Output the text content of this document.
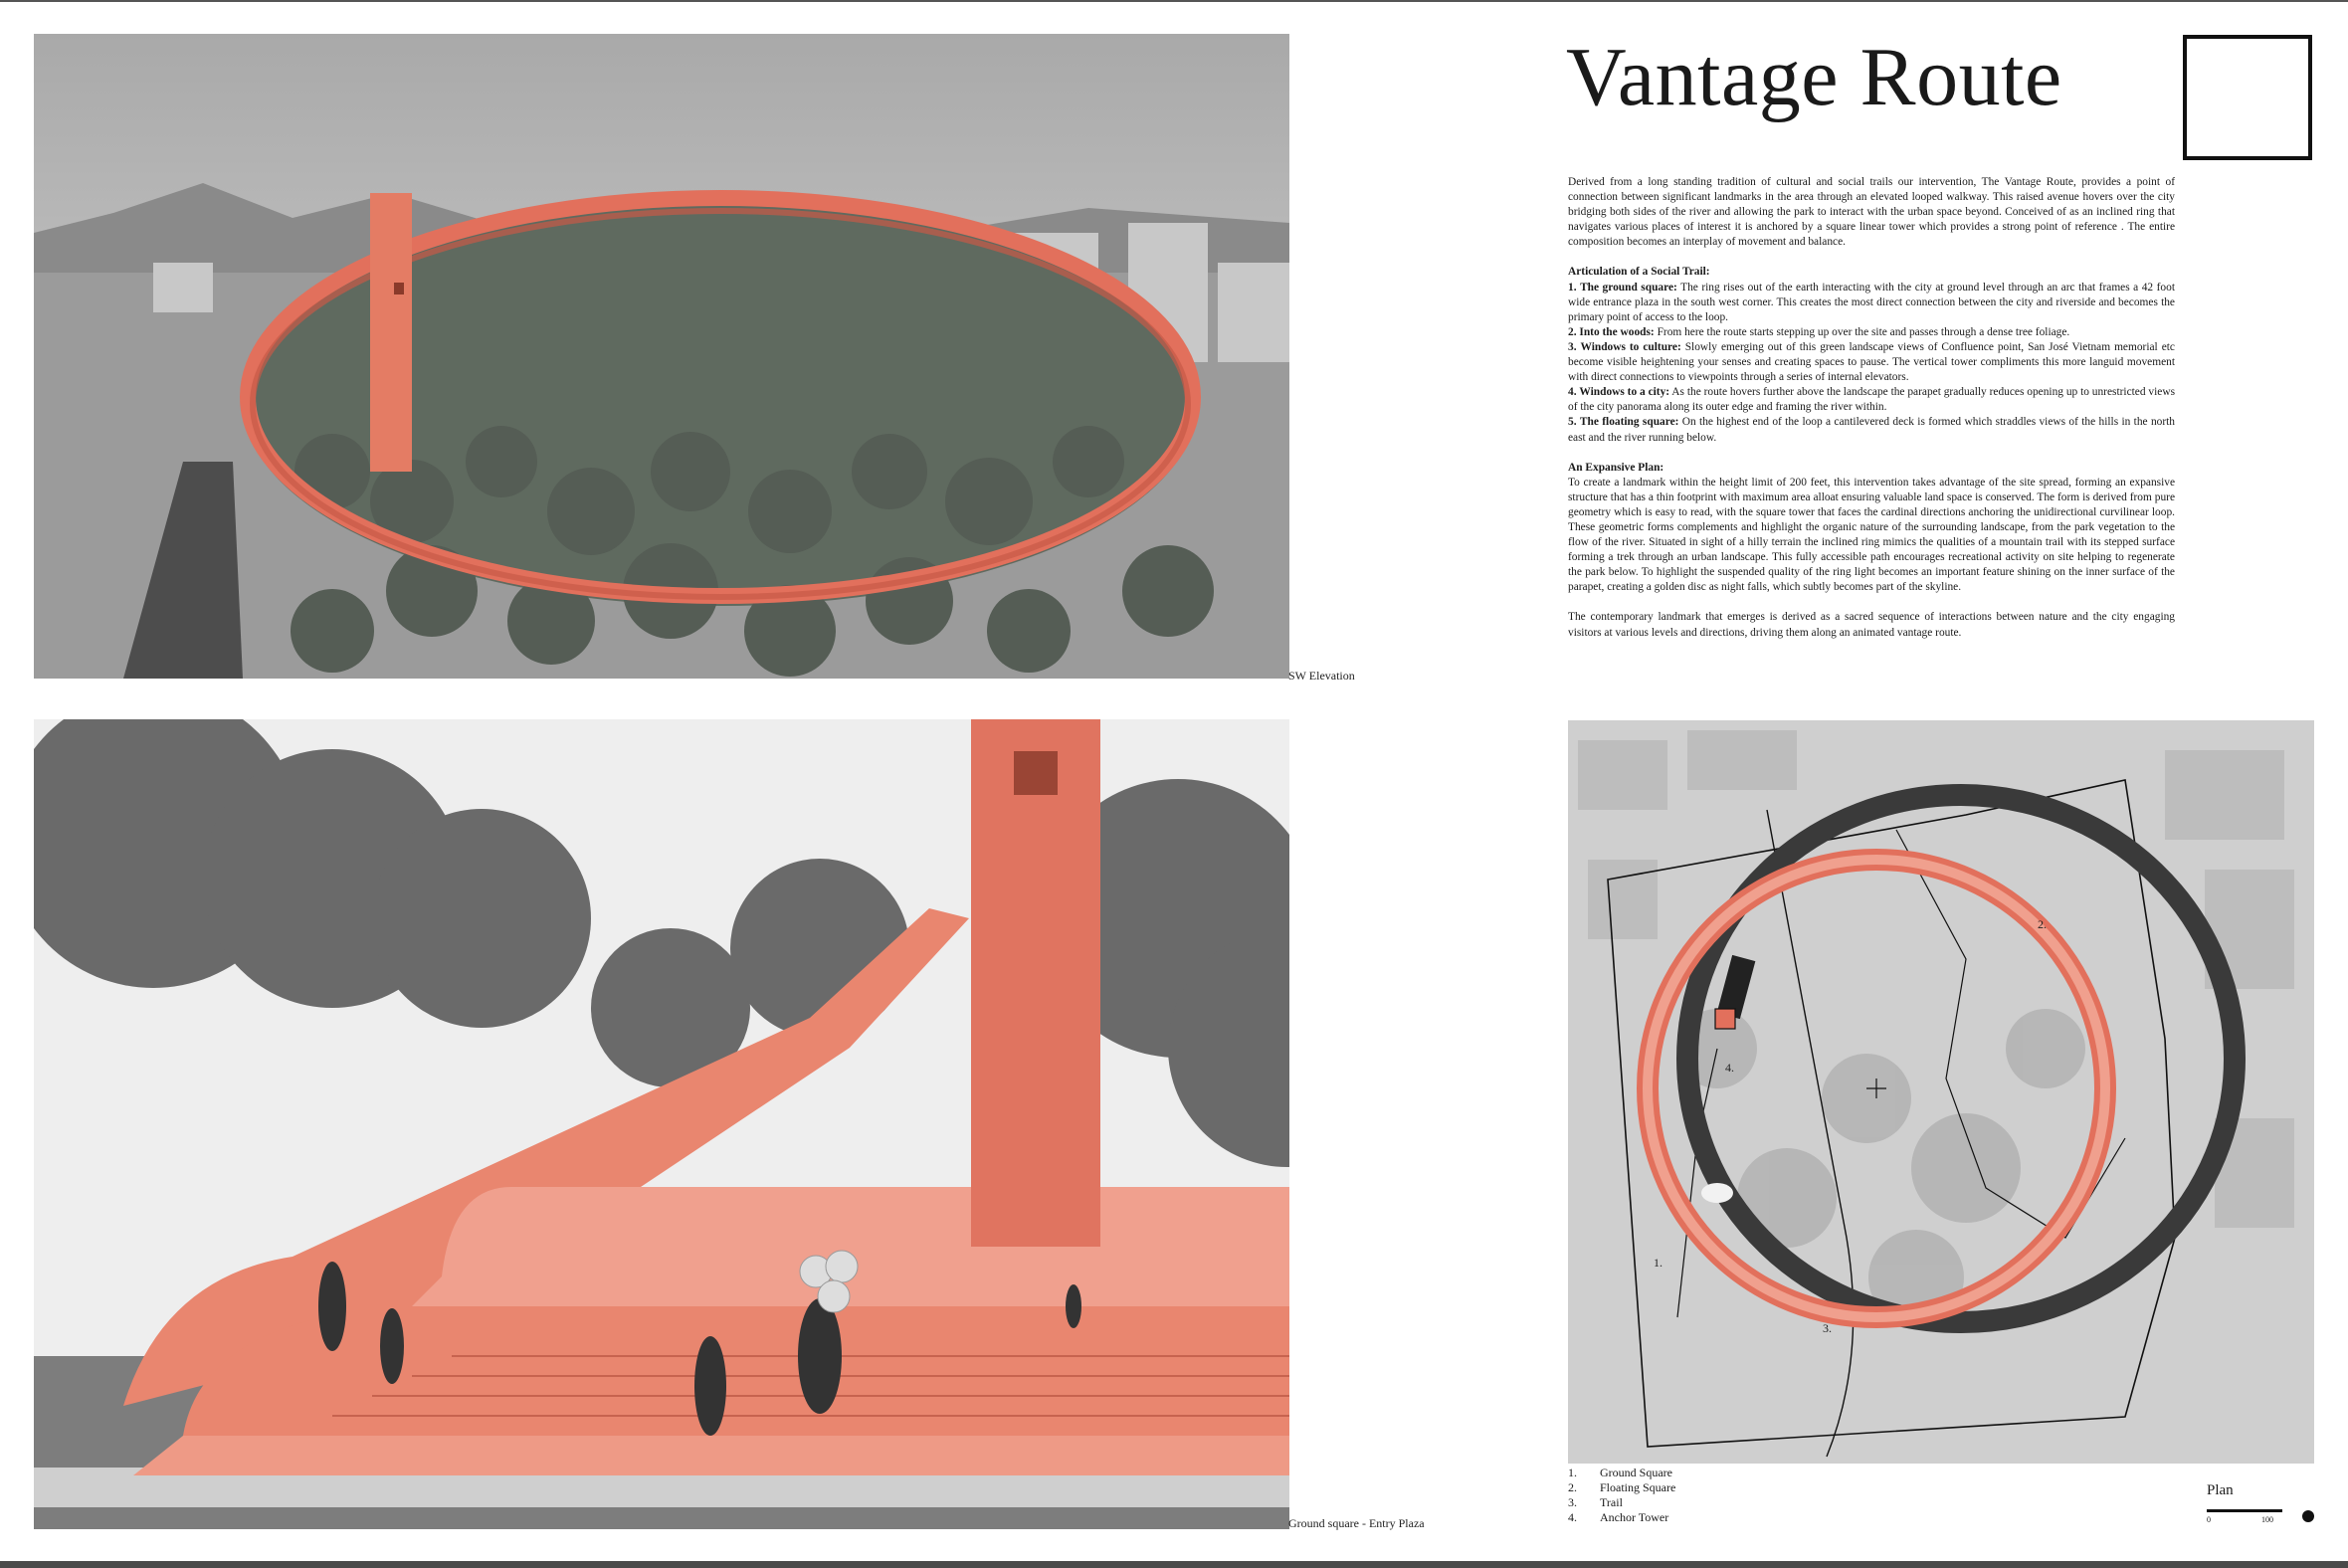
SW Elevation
Ground square - Entry Plaza
Vantage Route

Derived from a long standing tradition of cultural and social trails our intervention, The Vantage Route, provides a point of connection between significant landmarks in the area through an elevated looped walkway. This raised avenue hovers over the city bridging both sides of the river and allowing the park to interact with the urban space beyond. Conceived of as an inclined ring that navigates various places of interest it is anchored by a square linear tower which provides a strong point of reference . The entire composition becomes an interplay of movement and balance.

Articulation of a Social Trail:
1. The ground square: The ring rises out of the earth interacting with the city at ground level through an arc that frames a 42 foot wide entrance plaza in the south west corner. This creates the most direct connection between the city and riverside and becomes the primary point of access to the loop.
2. Into the woods: From here the route starts stepping up over the site and passes through a dense tree foliage.
3. Windows to culture: Slowly emerging out of this green landscape views of Confluence point, San José Vietnam memorial etc become visible heightening your senses and creating spaces to pause. The vertical tower compliments this more languid movement with direct connections to viewpoints through a series of internal elevators.
4. Windows to a city: As the route hovers further above the landscape the parapet gradually reduces opening up to unrestricted views of the city panorama along its outer edge and framing the river within.
5. The floating square: On the highest end of the loop a cantilevered deck is formed which straddles views of the hills in the north east and the river running below.

An Expansive Plan:
To create a landmark within the height limit of 200 feet, this intervention takes advantage of the site spread, forming an expansive structure that has a thin footprint with maximum area alloat ensuring valuable land space is conserved. The form is derived from pure geometry which is easy to read, with the square tower that faces the cardinal directions anchoring the unidirectional curvilinear loop. These geometric forms complements and highlight the organic nature of the surrounding landscape, from the park vegetation to the flow of the river. Situated in sight of a hilly terrain the inclined ring mimics the qualities of a mountain trail with its stepped surface forming a trek through an urban landscape. This fully accessible path encourages recreational activity on site helping to regenerate the park below. To highlight the suspended quality of the ring light becomes an important feature shining on the inner surface of the parapet, creating a golden disc as night falls, which subtly becomes part of the skyline.

The contemporary landmark that emerges is derived as a sacred sequence of interactions between nature and the city engaging visitors at various levels and directions, driving them along an animated vantage route.

2.
4.
1.
3.
1.	Ground Square
2.	Floating Square
3.	Trail
4.	Anchor Tower
Plan
0	100
